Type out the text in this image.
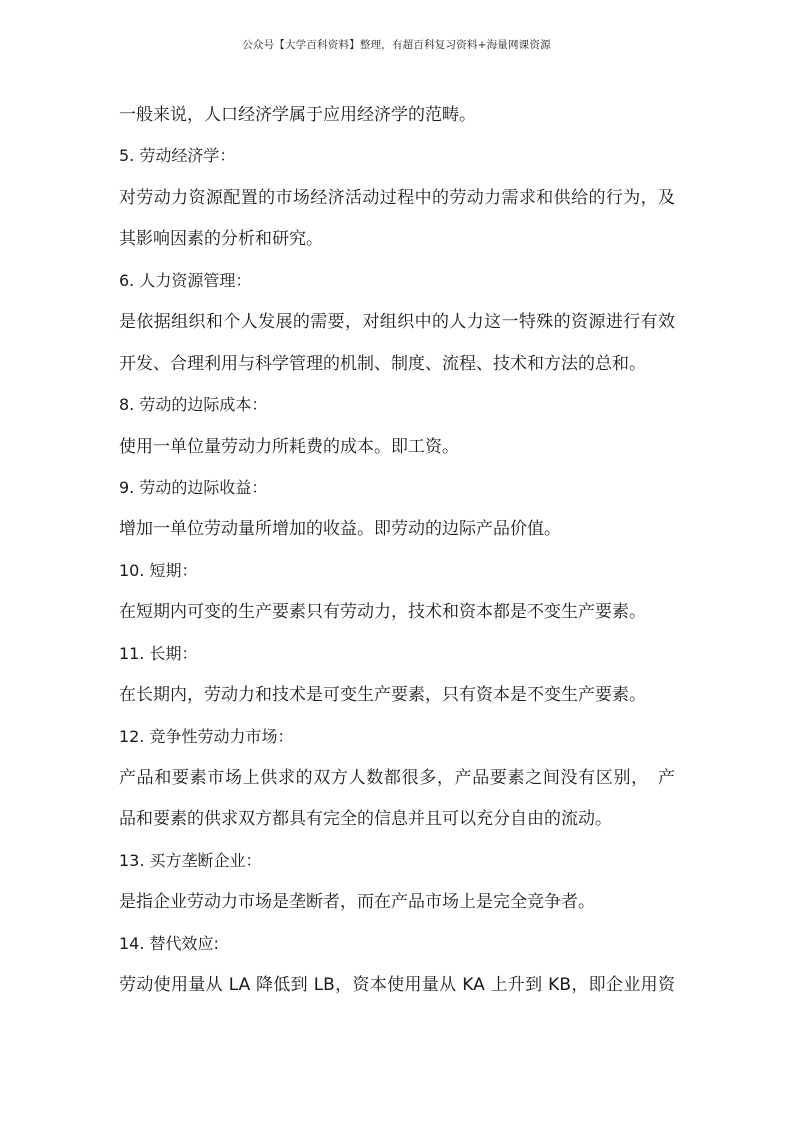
公众号【大学百科资料】整理，有超百科复习资料+海量网课资源
一般来说，人口经济学属于应用经济学的范畴。
5. 劳动经济学：
对劳动力资源配置的市场经济活动过程中的劳动力需求和供给的行为，及
其影响因素的分析和研究。
6. 人力资源管理：
是依据组织和个人发展的需要，对组织中的人力这一特殊的资源进行有效
开发、合理利用与科学管理的机制、制度、流程、技术和方法的总和。
8. 劳动的边际成本：
使用一单位量劳动力所耗费的成本。即工资。
9. 劳动的边际收益：
增加一单位劳动量所增加的收益。即劳动的边际产品价值。
10. 短期：
在短期内可变的生产要素只有劳动力，技术和资本都是不变生产要素。
11. 长期：
在长期内，劳动力和技术是可变生产要素，只有资本是不变生产要素。
12. 竞争性劳动力市场：
产品和要素市场上供求的双方人数都很多，产品要素之间没有区别，　产
品和要素的供求双方都具有完全的信息并且可以充分自由的流动。
13. 买方垄断企业：
是指企业劳动力市场是垄断者，而在产品市场上是完全竞争者。
14. 替代效应:
劳动使用量从 LA 降低到 LB，资本使用量从 KA 上升到 KB，即企业用资
